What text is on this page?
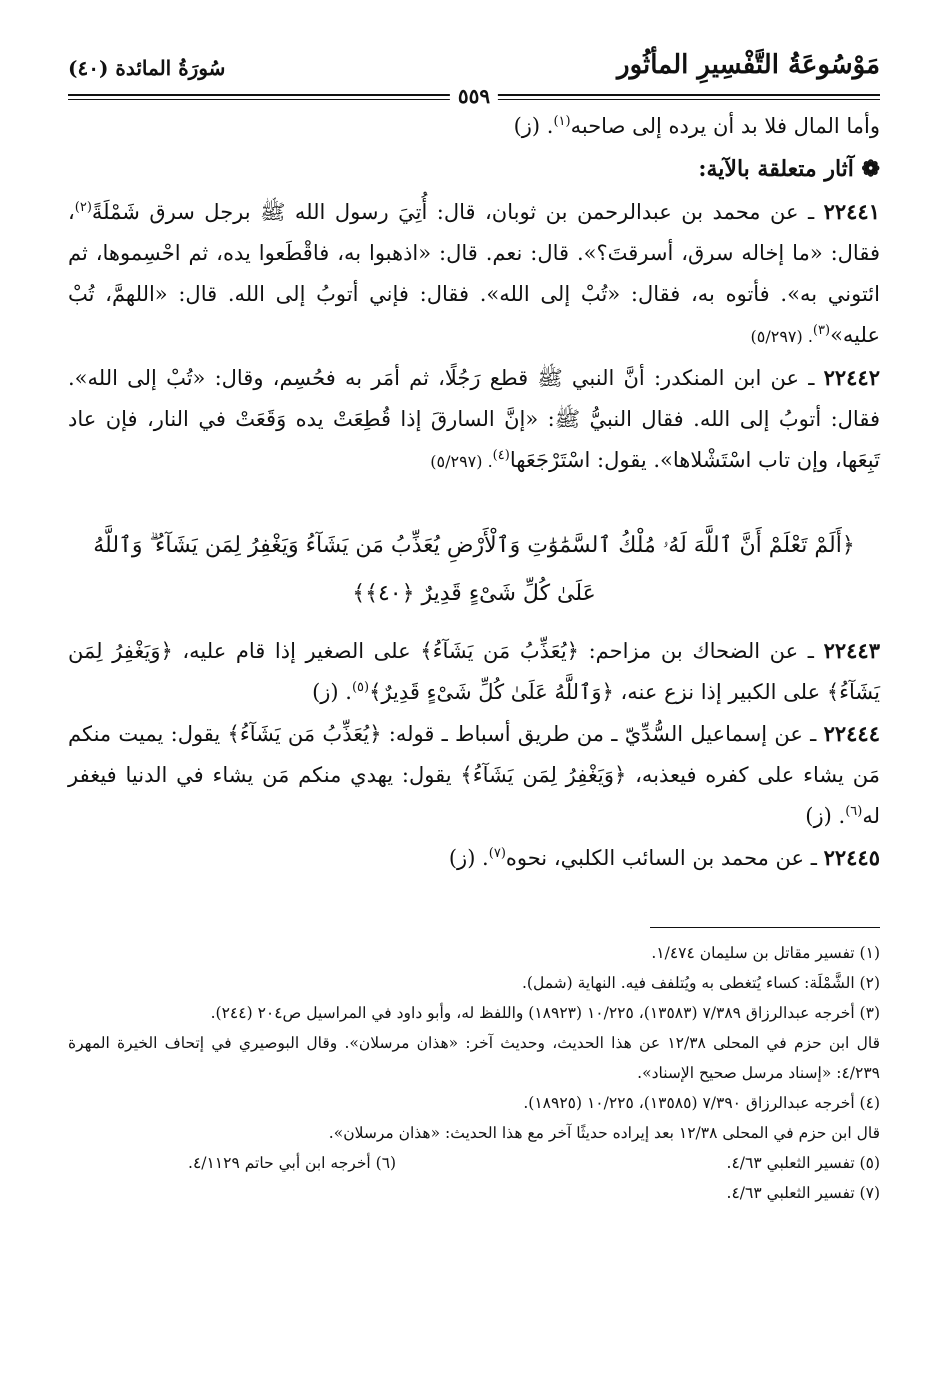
مَوْسُوعَةُ التَّفْسِيرِ المأثُور
سُورَةُ المائدة (٤٠)
٥٥٩

وأما المال فلا بد أن يرده إلى صاحبه$^{(١)}$. (ز)

❁ آثار متعلقة بالآية:

٢٢٤٤١ ـ عن محمد بن عبدالرحمن بن ثوبان، قال: أُتِيَ رسول الله ﷺ برجل سرق شَمْلَةً$^{(٢)}$، فقال: «ما إخاله سرق، أسرقتَ؟». قال: نعم. قال: «اذهبوا به، فاقْطَعوا يده، ثم احْسِموها، ثم ائتوني به». فأتوه به، فقال: «تُبْ إلى الله». فقال: فإني أتوبُ إلى الله. قال: «اللهمَّ، تُبْ عليه»$^{(٣)}$. (٥/٢٩٧)

٢٢٤٤٢ ـ عن ابن المنكدر: أنَّ النبي ﷺ قطع رَجُلًا، ثم أمَر به فحُسِم، وقال: «تُبْ إلى الله». فقال: أتوبُ إلى الله. فقال النبيُّ ﷺ: «إنَّ السارقَ إذا قُطِعَتْ يده وَقَعَتْ في النار، فإن عاد تَبِعَها، وإن تاب اسْتَشْلاها». يقول: اسْتَرْجَعَها$^{(٤)}$. (٥/٢٩٧)

﴿أَلَمْ تَعْلَمْ أَنَّ ٱللَّهَ لَهُۥ مُلْكُ ٱلسَّمَٰوَٰتِ وَٱلْأَرْضِ يُعَذِّبُ مَن يَشَآءُ وَيَغْفِرُ لِمَن يَشَآءُ ۗ وَٱللَّهُ
عَلَىٰ كُلِّ شَىْءٍ قَدِيرٌ ﴿٤٠﴾﴾

٢٢٤٤٣ ـ عن الضحاك بن مزاحم: ﴿يُعَذِّبُ مَن يَشَآءُ﴾ على الصغير إذا قام عليه، ﴿وَيَغْفِرُ لِمَن يَشَآءُ﴾ على الكبير إذا نزع عنه، ﴿وَٱللَّهُ عَلَىٰ كُلِّ شَىْءٍ قَدِيرٌ﴾$^{(٥)}$. (ز)

٢٢٤٤٤ ـ عن إسماعيل السُّدِّيّ ـ من طريق أسباط ـ قوله: ﴿يُعَذِّبُ مَن يَشَآءُ﴾ يقول: يميت منكم مَن يشاء على كفره فيعذبه، ﴿وَيَغْفِرُ لِمَن يَشَآءُ﴾ يقول: يهدي منكم مَن يشاء في الدنيا فيغفر له$^{(٦)}$. (ز)

٢٢٤٤٥ ـ عن محمد بن السائب الكلبي، نحوه$^{(٧)}$. (ز)

(١) تفسير مقاتل بن سليمان ١/٤٧٤.
(٢) الشَّمْلَة: كساء يُتغطى به ويُتلفف فيه. النهاية (شمل).
(٣) أخرجه عبدالرزاق ٧/٣٨٩ (١٣٥٨٣)، ١٠/٢٢٥ (١٨٩٢٣) واللفظ له، وأبو داود في المراسيل ص٢٠٤ (٢٤٤).
قال ابن حزم في المحلى ١٢/٣٨ عن هذا الحديث، وحديث آخر: «هذان مرسلان». وقال البوصيري في إتحاف الخيرة المهرة ٤/٢٣٩: «إسناد مرسل صحيح الإسناد».
(٤) أخرجه عبدالرزاق ٧/٣٩٠ (١٣٥٨٥)، ١٠/٢٢٥ (١٨٩٢٥).
قال ابن حزم في المحلى ١٢/٣٨ بعد إيراده حديثًا آخر مع هذا الحديث: «هذان مرسلان».
(٥) تفسير الثعلبي ٤/٦٣.
(٦) أخرجه ابن أبي حاتم ٤/١١٢٩.
(٧) تفسير الثعلبي ٤/٦٣.
